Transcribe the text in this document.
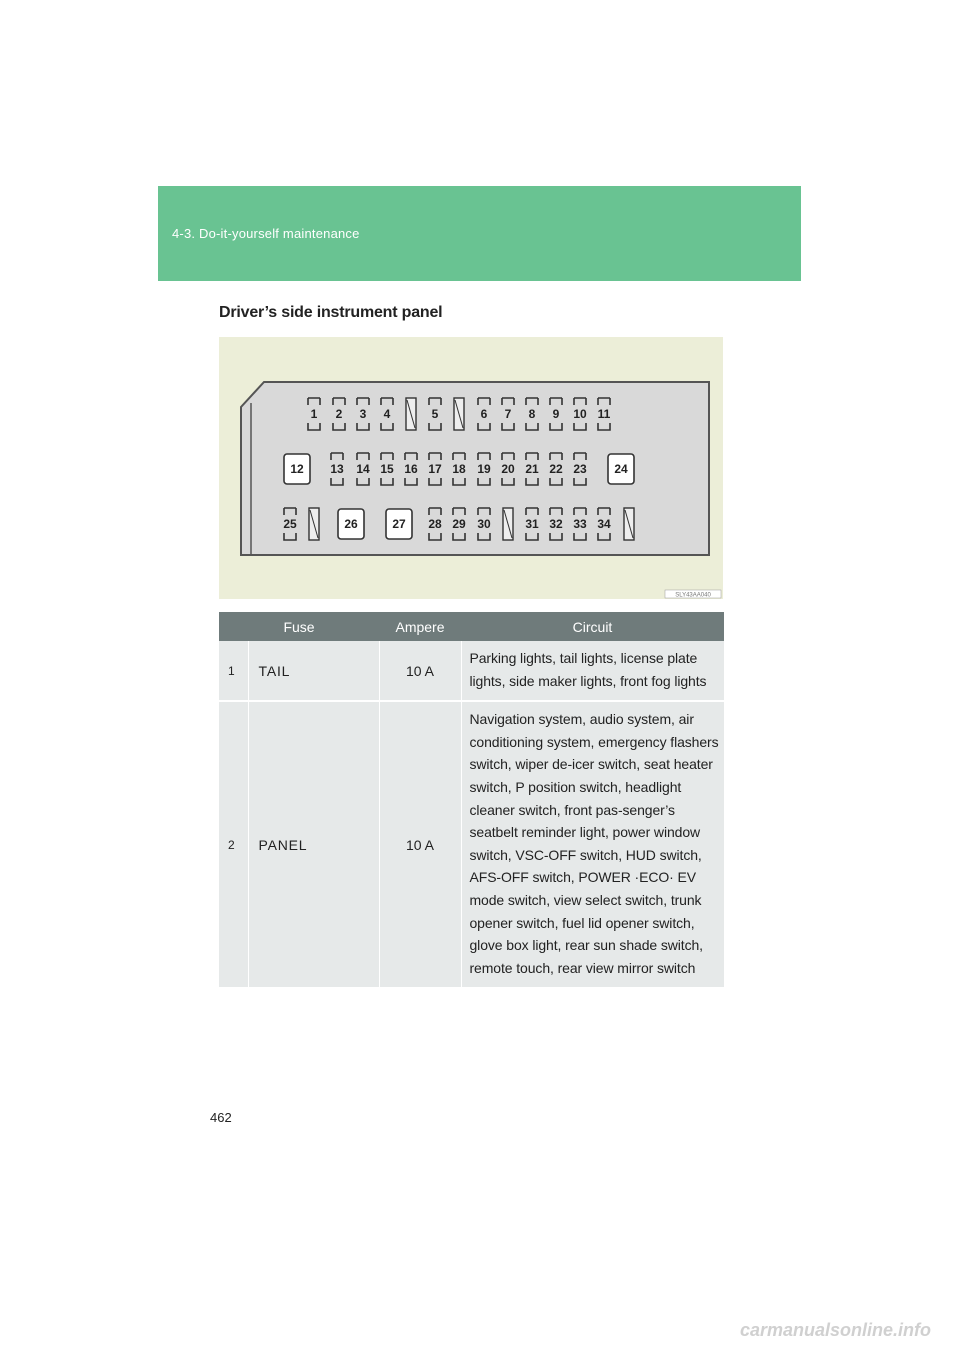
4-3. Do-it-yourself maintenance
Driver’s side instrument panel
1 2 3 4	5	6 7 8 9 10 11
12 13 14 15 16 17 18 19 20 21 22 23 24
25	26	27 28 29 30	31 32 33 34
SLY43AA040
Fuse		Ampere	Circuit
1	TAIL	10 A	Parking lights, tail lights, license plate lights, side maker lights, front fog lights
2	PANEL	10 A	Navigation system, audio system, air conditioning system, emergency flashers switch, wiper de-icer switch, seat heater switch, P position switch, headlight cleaner switch, front pas-senger’s seatbelt reminder light, power window switch, VSC-OFF switch, HUD switch, AFS-OFF switch, POWER ·ECO· EV mode switch, view select switch, trunk opener switch, fuel lid opener switch, glove box light, rear sun shade switch, remote touch, rear view mirror switch
462
carmanualsonline.info
